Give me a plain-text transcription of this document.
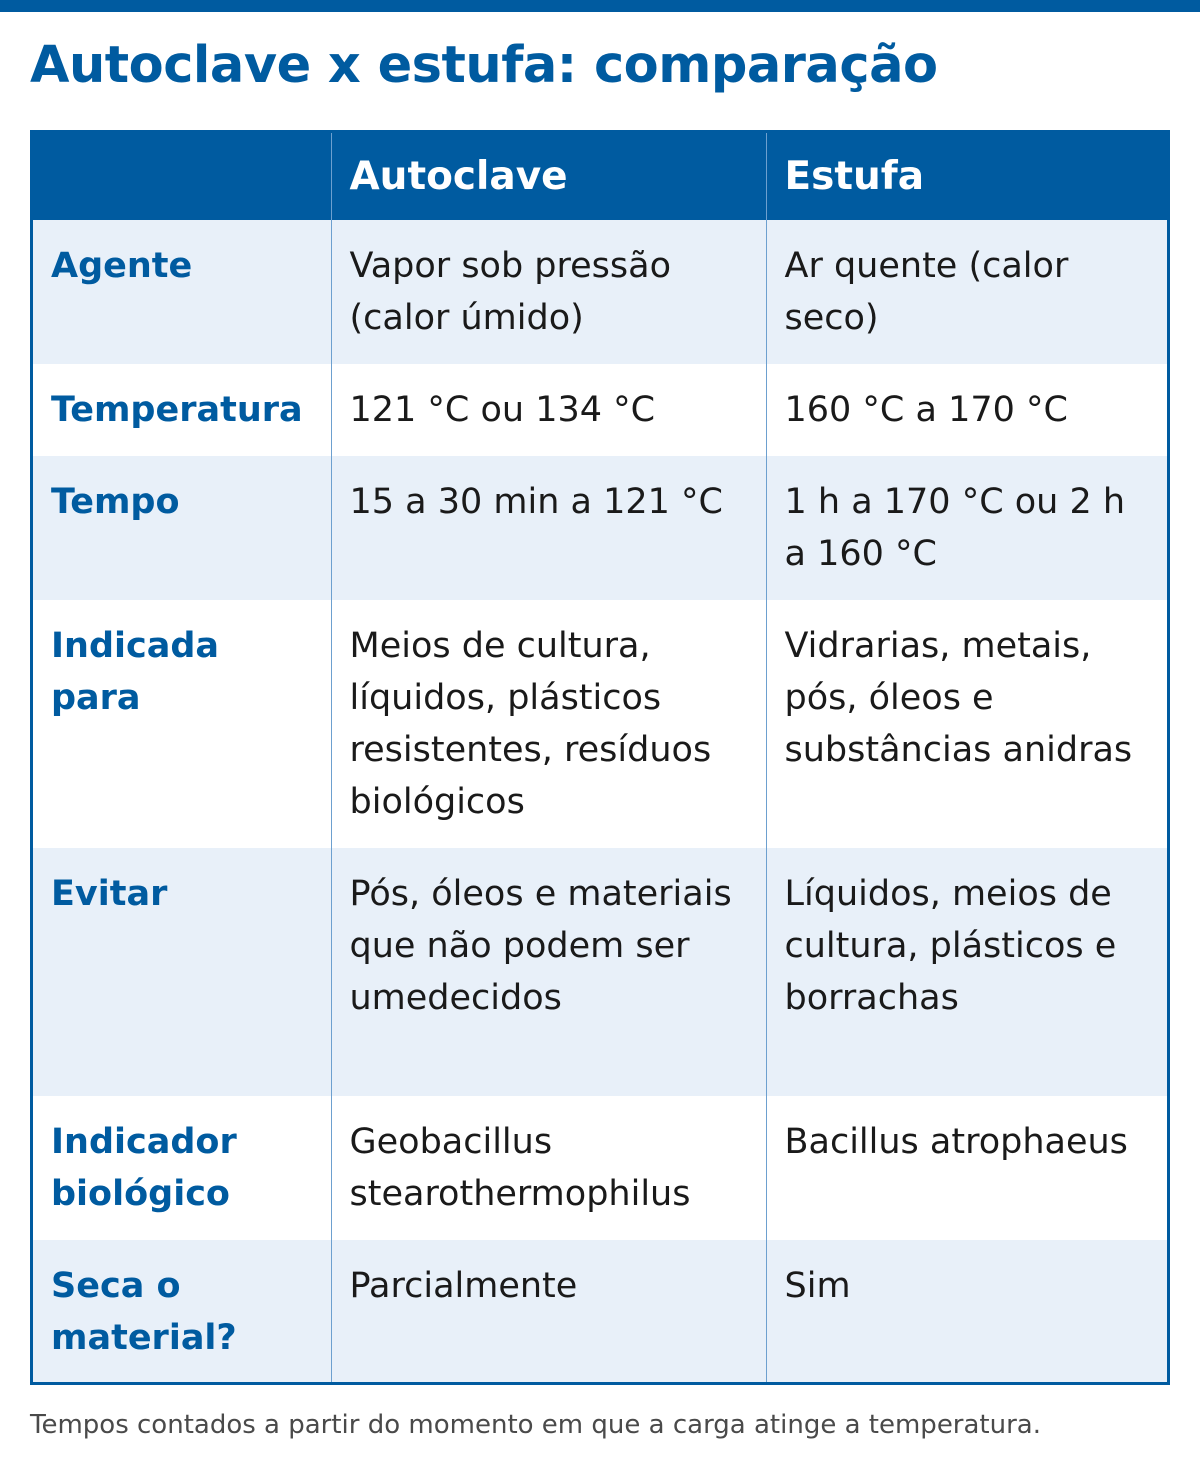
Autoclave x estufa: comparação
	Autoclave	Estufa
Agente	Vapor sob pressão (calor úmido)	Ar quente (calor seco)
Temperatura	121 °C ou 134 °C	160 °C a 170 °C
Tempo	15 a 30 min a 121 °C	1 h a 170 °C ou 2 h a 160 °C
Indicada para	Meios de cultura, líquidos, plásticos resistentes, resíduos biológicos	Vidrarias, metais, pós, óleos e substâncias anidras
Evitar	Pós, óleos e materiais que não podem ser umedecidos	Líquidos, meios de cultura, plásticos e borrachas
Indicador biológico	Geobacillus stearothermophilus	Bacillus atrophaeus
Seca o material?	Parcialmente	Sim

Tempos contados a partir do momento em que a carga atinge a temperatura.
